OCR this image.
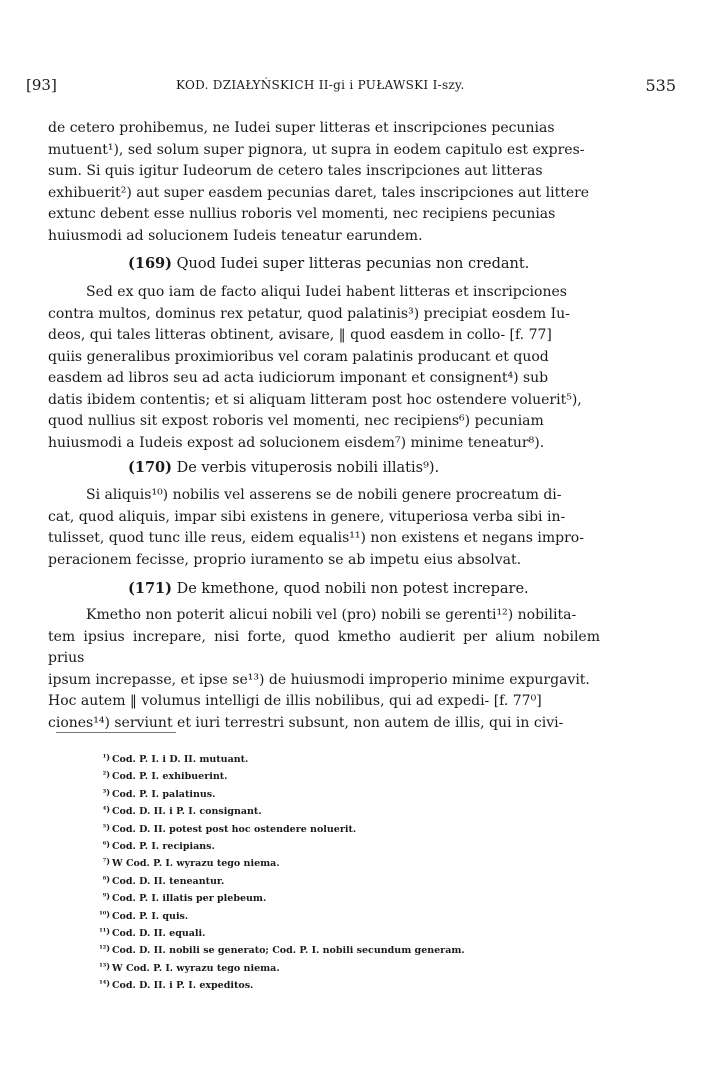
[93]	KOD. DZIAŁYŃSKICH II-gi i PUŁAWSKI I-szy.	535

de cetero prohibemus, ne Iudei super litteras et inscripciones pecunias

mutuent¹), sed solum super pignora, ut supra in eodem capitulo est expres-

sum. Si quis igitur Iudeorum de cetero tales inscripciones aut litteras

exhibuerit²) aut super easdem pecunias daret, tales inscripciones aut littere

extunc debent esse nullius roboris vel momenti, nec recipiens pecunias

huiusmodi ad solucionem Iudeis teneatur earundem.

(169) Quod Iudei super litteras pecunias non credant.

Sed ex quo iam de facto aliqui Iudei habent litteras et inscripciones

contra multos, dominus rex petatur, quod palatinis³) precipiat eosdem Iu-

deos, qui tales litteras obtinent, avisare, ‖ quod easdem in collo- [f. 77]

quiis generalibus proximioribus vel coram palatinis producant et quod

easdem ad libros seu ad acta iudiciorum imponant et consignent⁴) sub

datis ibidem contentis; et si aliquam litteram post hoc ostendere voluerit⁵),

quod nullius sit expost roboris vel momenti, nec recipiens⁶) pecuniam

huiusmodi a Iudeis expost ad solucionem eisdem⁷) minime teneatur⁸).

(170) De verbis vituperosis nobili illatis⁹).

Si aliquis¹⁰) nobilis vel asserens se de nobili genere procreatum di-

cat, quod aliquis, impar sibi existens in genere, vituperiosa verba sibi in-

tulisset, quod tunc ille reus, eidem equalis¹¹) non existens et negans impro-

peracionem fecisse, proprio iuramento se ab impetu eius absolvat.

(171) De kmethone, quod nobili non potest increpare.

Kmetho non poterit alicui nobili vel (pro) nobili se gerenti¹²) nobilita-

tem ipsius increpare, nisi forte, quod kmetho audierit per alium nobilem prius

ipsum increpasse, et ipse se¹³) de huiusmodi improperio minime expurgavit.

Hoc autem ‖ volumus intelligi de illis nobilibus, qui ad expedi- [f. 77⁰]

ciones¹⁴) serviunt et iuri terrestri subsunt, non autem de illis, qui in civi-

¹) Cod. P. I. i D. II. mutuant.

²) Cod. P. I. exhibuerint.

³) Cod. P. I. palatinus.

⁴) Cod. D. II. i P. I. consignant.

⁵) Cod. D. II. potest post hoc ostendere noluerit.

⁶) Cod. P. I. recipians.

⁷) W Cod. P. I. wyrazu tego niema.

⁸) Cod. D. II. teneantur.

⁹) Cod. P. I. illatis per plebeum.

¹⁰) Cod. P. I. quis.

¹¹) Cod. D. II. equali.

¹²) Cod. D. II. nobili se generato; Cod. P. I. nobili secundum generam.

¹³) W Cod. P. I. wyrazu tego niema.

¹⁴) Cod. D. II. i P. I. expeditos.
